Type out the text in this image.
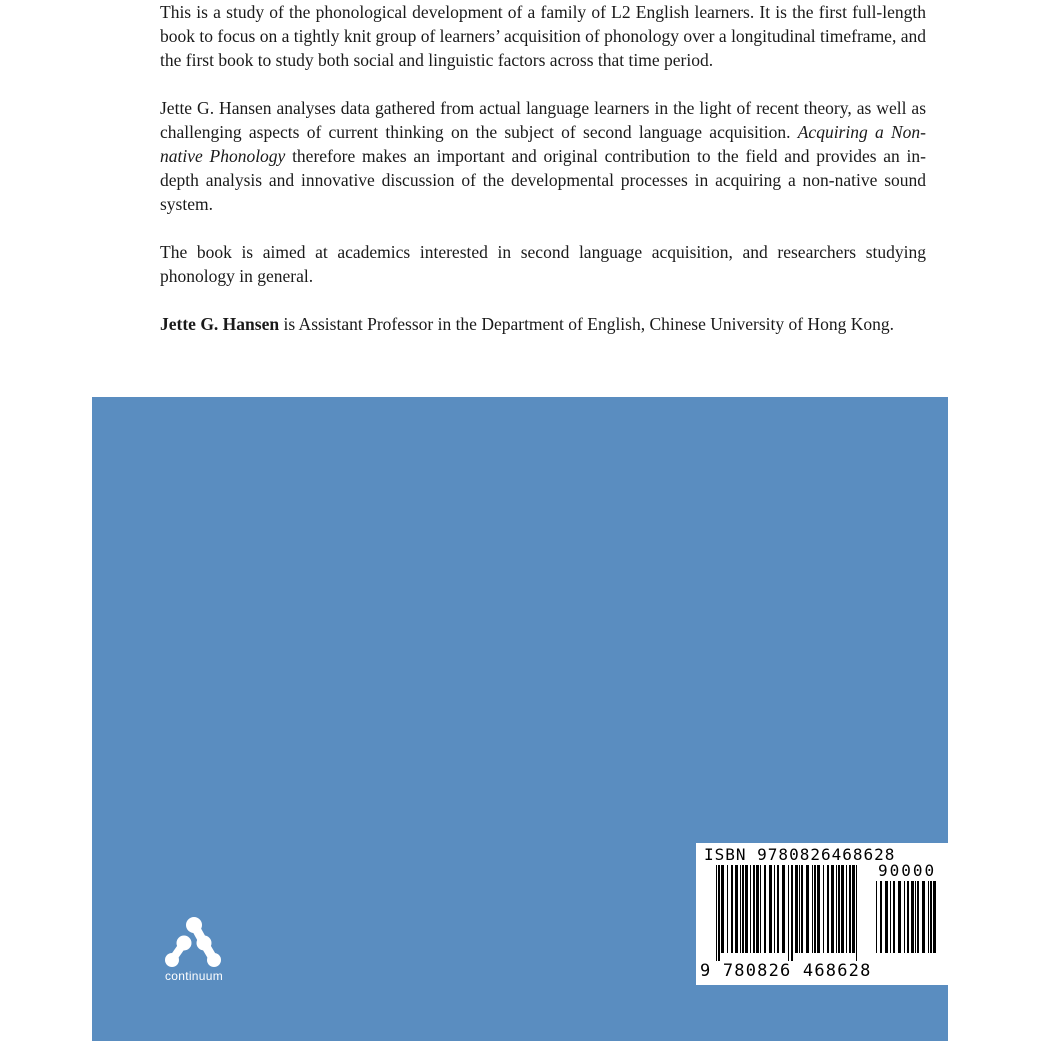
This is a study of the phonological development of a family of L2 English learners. It is the first full-length book to focus on a tightly knit group of learners’ acquisition of phonology over a longitudinal timeframe, and the first book to study both social and linguistic factors across that time period.

Jette G. Hansen analyses data gathered from actual language learners in the light of recent theory, as well as challenging aspects of current thinking on the subject of second language acquisition. Acquiring a Non-native Phonology therefore makes an important and original contribution to the field and provides an in-depth analysis and innovative discussion of the developmental processes in acquiring a non-native sound system.

The book is aimed at academics interested in second language acquisition, and researchers studying phonology in general.

Jette G. Hansen is Assistant Professor in the Department of English, Chinese University of Hong Kong.

continuum
ISBN 9780826468628
90000
9 780826 468628
